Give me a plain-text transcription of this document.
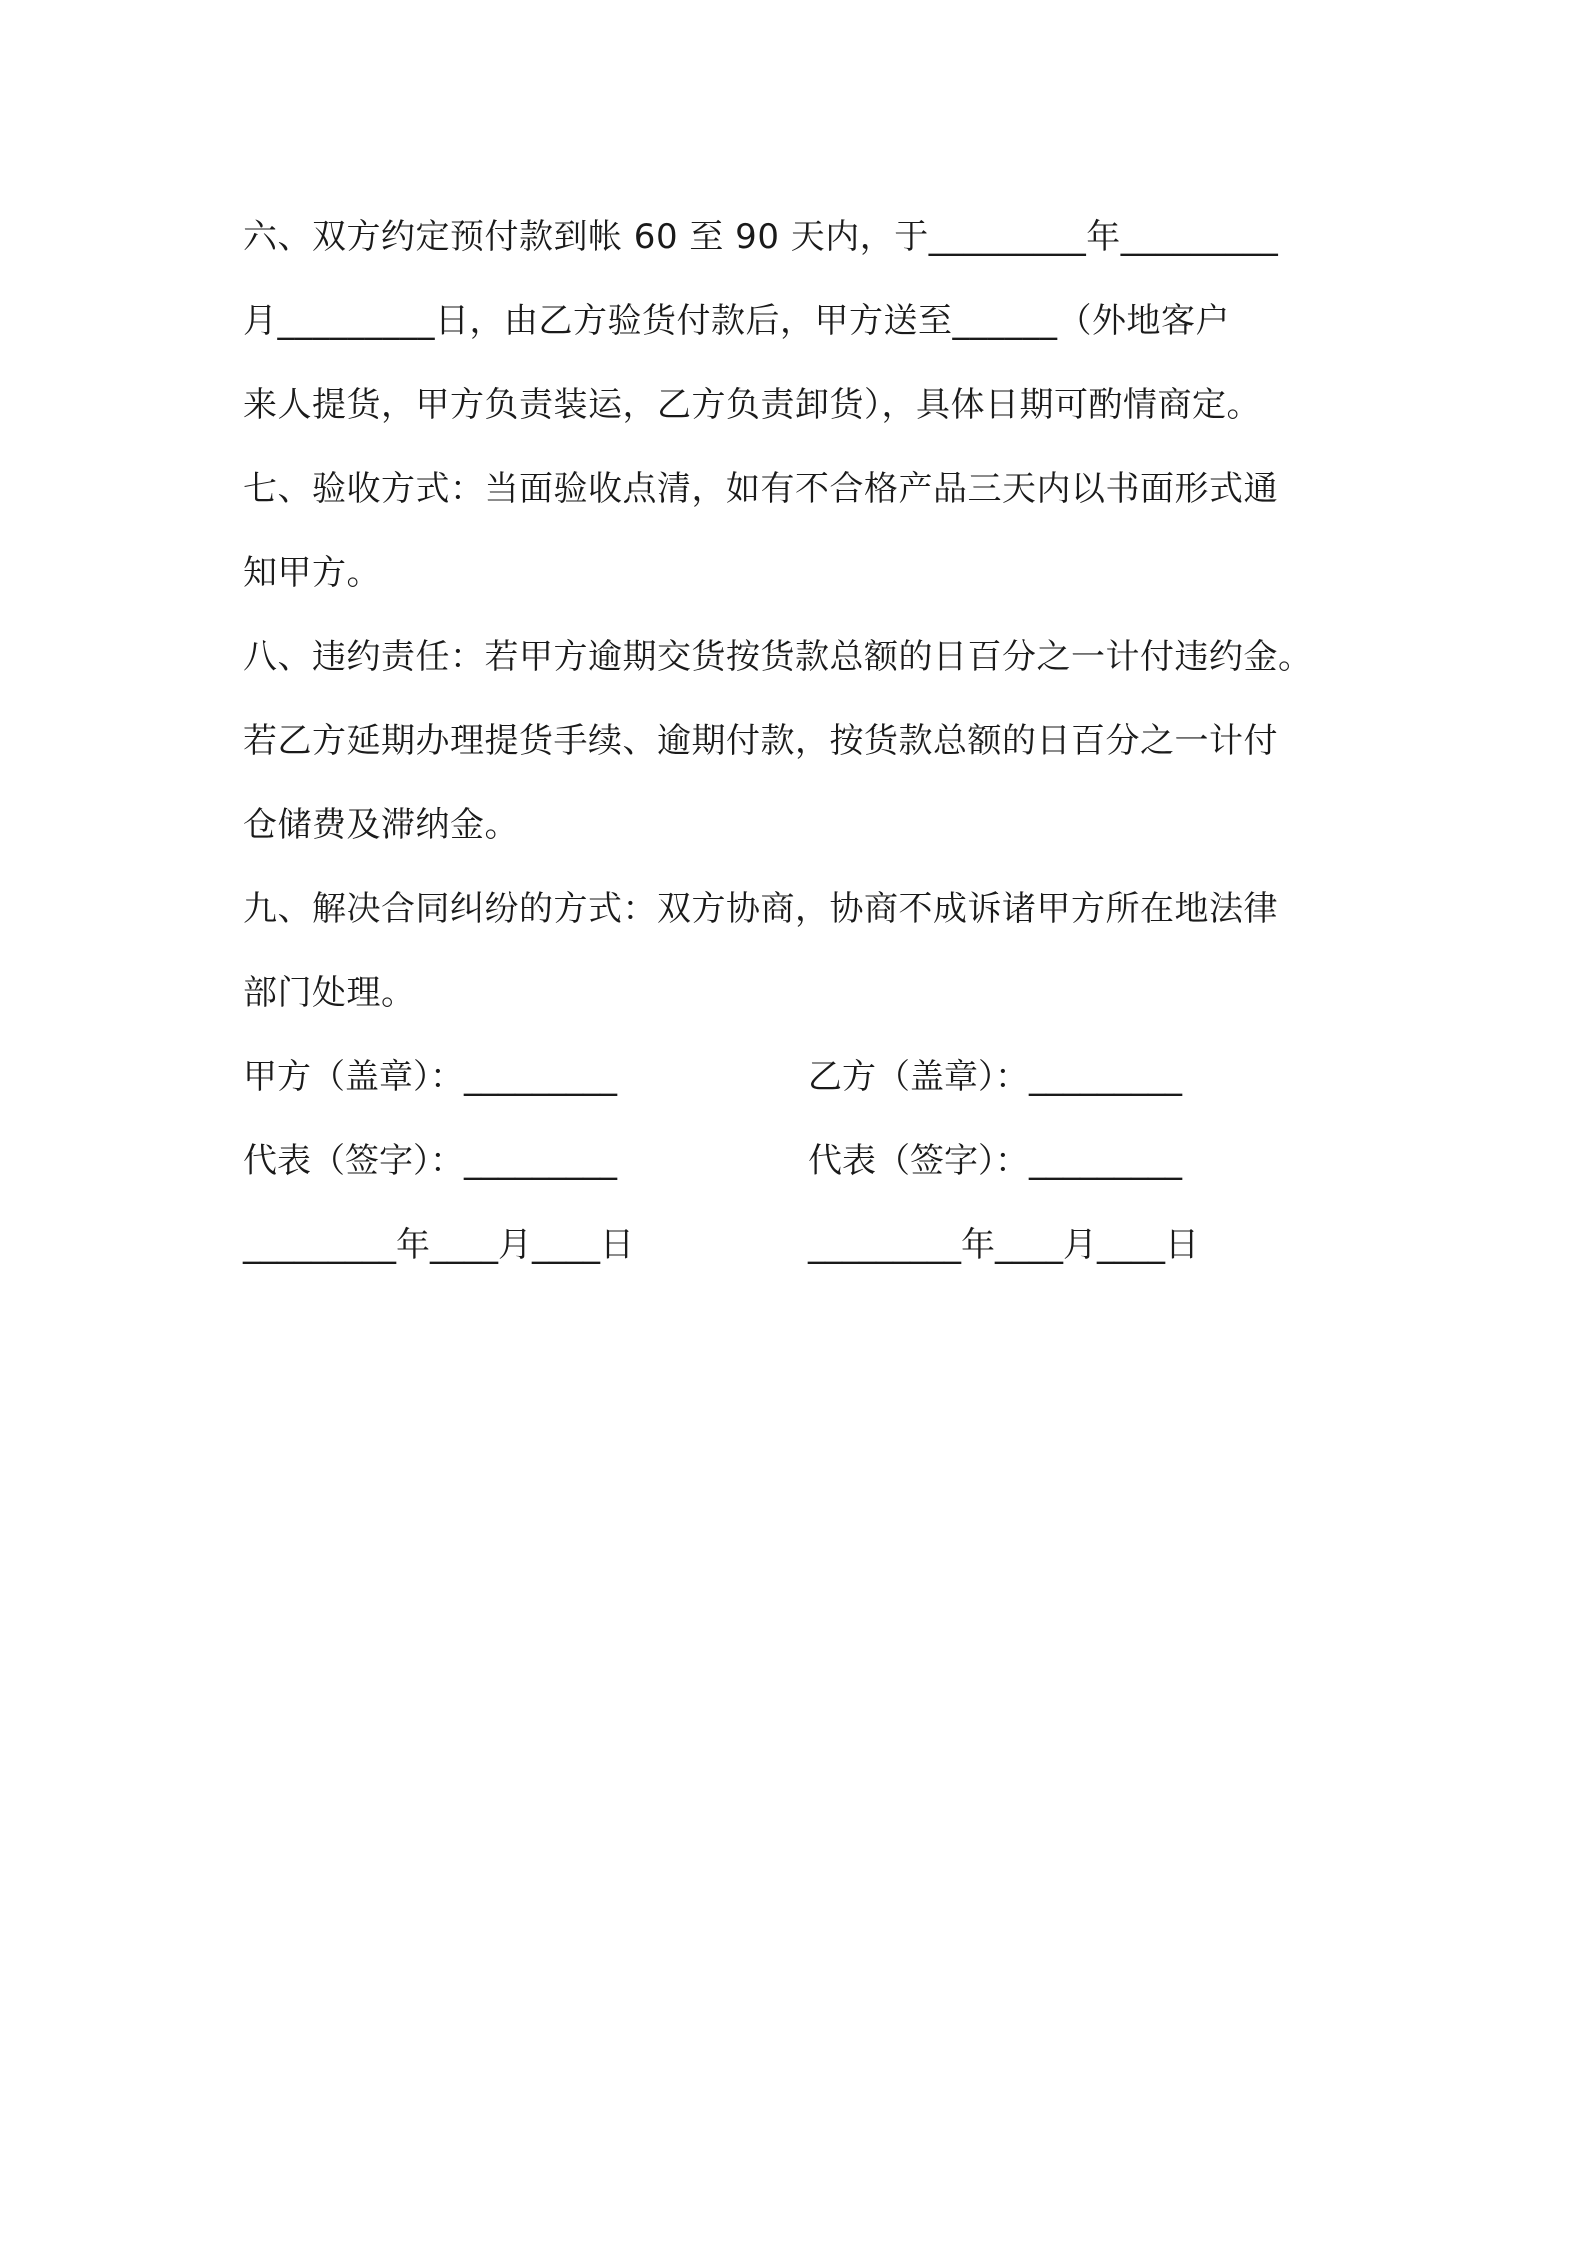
六、双方约定预付款到帐 60 至 90 天内，于_________年_________
月_________日，由乙方验货付款后，甲方送至______（外地客户
来人提货，甲方负责装运，乙方负责卸货），具体日期可酌情商定。
七、验收方式：当面验收点清，如有不合格产品三天内以书面形式通
知甲方。
八、违约责任：若甲方逾期交货按货款总额的日百分之一计付违约金。
若乙方延期办理提货手续、逾期付款，按货款总额的日百分之一计付
仓储费及滞纳金。
九、解决合同纠纷的方式：双方协商，协商不成诉诸甲方所在地法律
部门处理。
甲方（盖章）：_________	乙方（盖章）：_________
代表（签字）：_________	代表（签字）：_________
_________年____月____日	_________年____月____日
